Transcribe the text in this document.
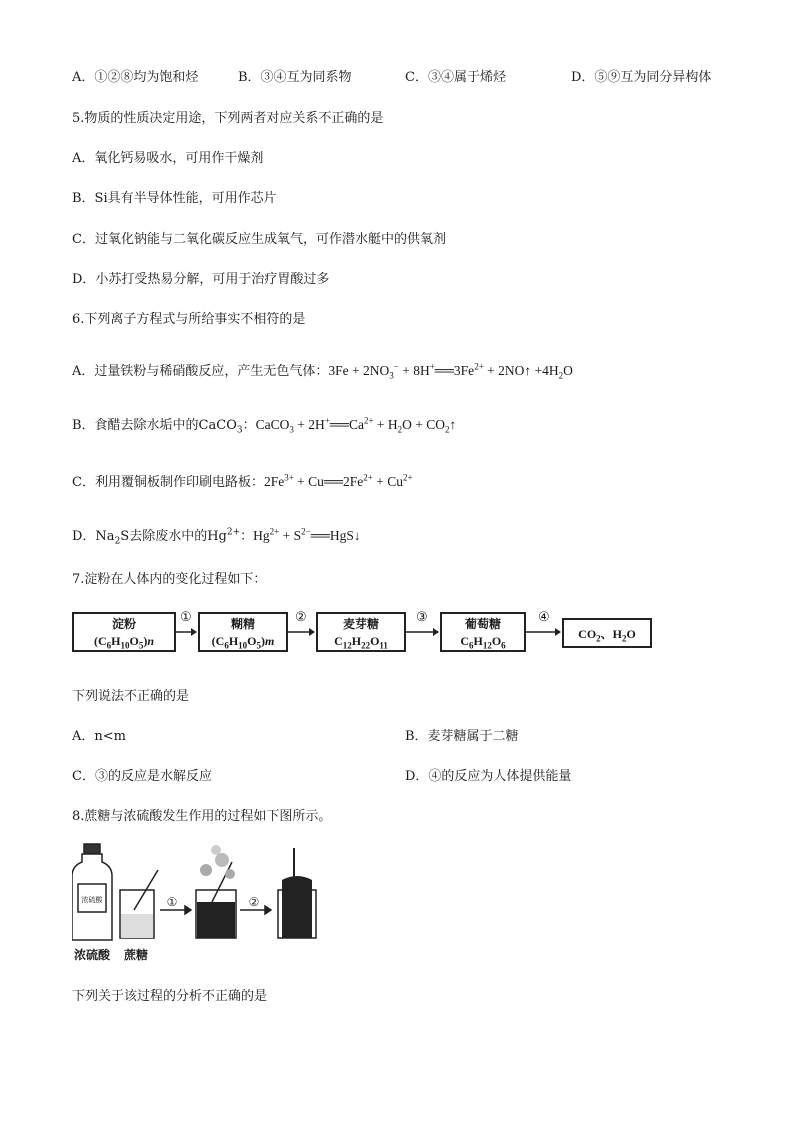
A．①②⑧均为饱和烃	B．③④互为同系物	C．③④属于烯烃	D．⑤⑨互为同分异构体
5.物质的性质决定用途，下列两者对应关系不正确的是
A．氧化钙易吸水，可用作干燥剂
B．Si具有半导体性能，可用作芯片
C．过氧化钠能与二氧化碳反应生成氧气，可作潜水艇中的供氧剂
D．小苏打受热易分解，可用于治疗胃酸过多
6.下列离子方程式与所给事实不相符的是
A．过量铁粉与稀硝酸反应，产生无色气体：$3Fe + 2NO_3^-$ + $8H^+══3Fe^{2+}$ + 2NO↑ $+4H_2O$
B．食醋去除水垢中的CaCO$_3$：CaCO$_3$ + $2H^+══Ca^{2+} + H_2O$ + $CO_2↑$
C．利用覆铜板制作印刷电路板：$2Fe^{3+}$ + $Cu══2Fe^{2+} + Cu^{2+}$
D．$Na_2S$去除废水中的$Hg^{2+}$：$Hg^{2+}$ + $S^{2-}══HgS↓$
7.淀粉在人体内的变化过程如下：
淀粉
$(C_6H_{10}O_5)n$
①	糊精
$(C_6H_{10}O_5)m$
②	麦芽糖
$C_{12}H_{22}O_{11}$
③	葡萄糖
$C_6H_{12}O_6$
④
$CO_2$、$H_2O$
下列说法不正确的是
A．n<m	B．麦芽糖属于二糖
C．③的反应是水解反应	D．④的反应为人体提供能量
8.蔗糖与浓硫酸发生作用的过程如下图所示。
浓硫酸	①	②
浓硫酸 蔗糖
下列关于该过程的分析不正确的是
